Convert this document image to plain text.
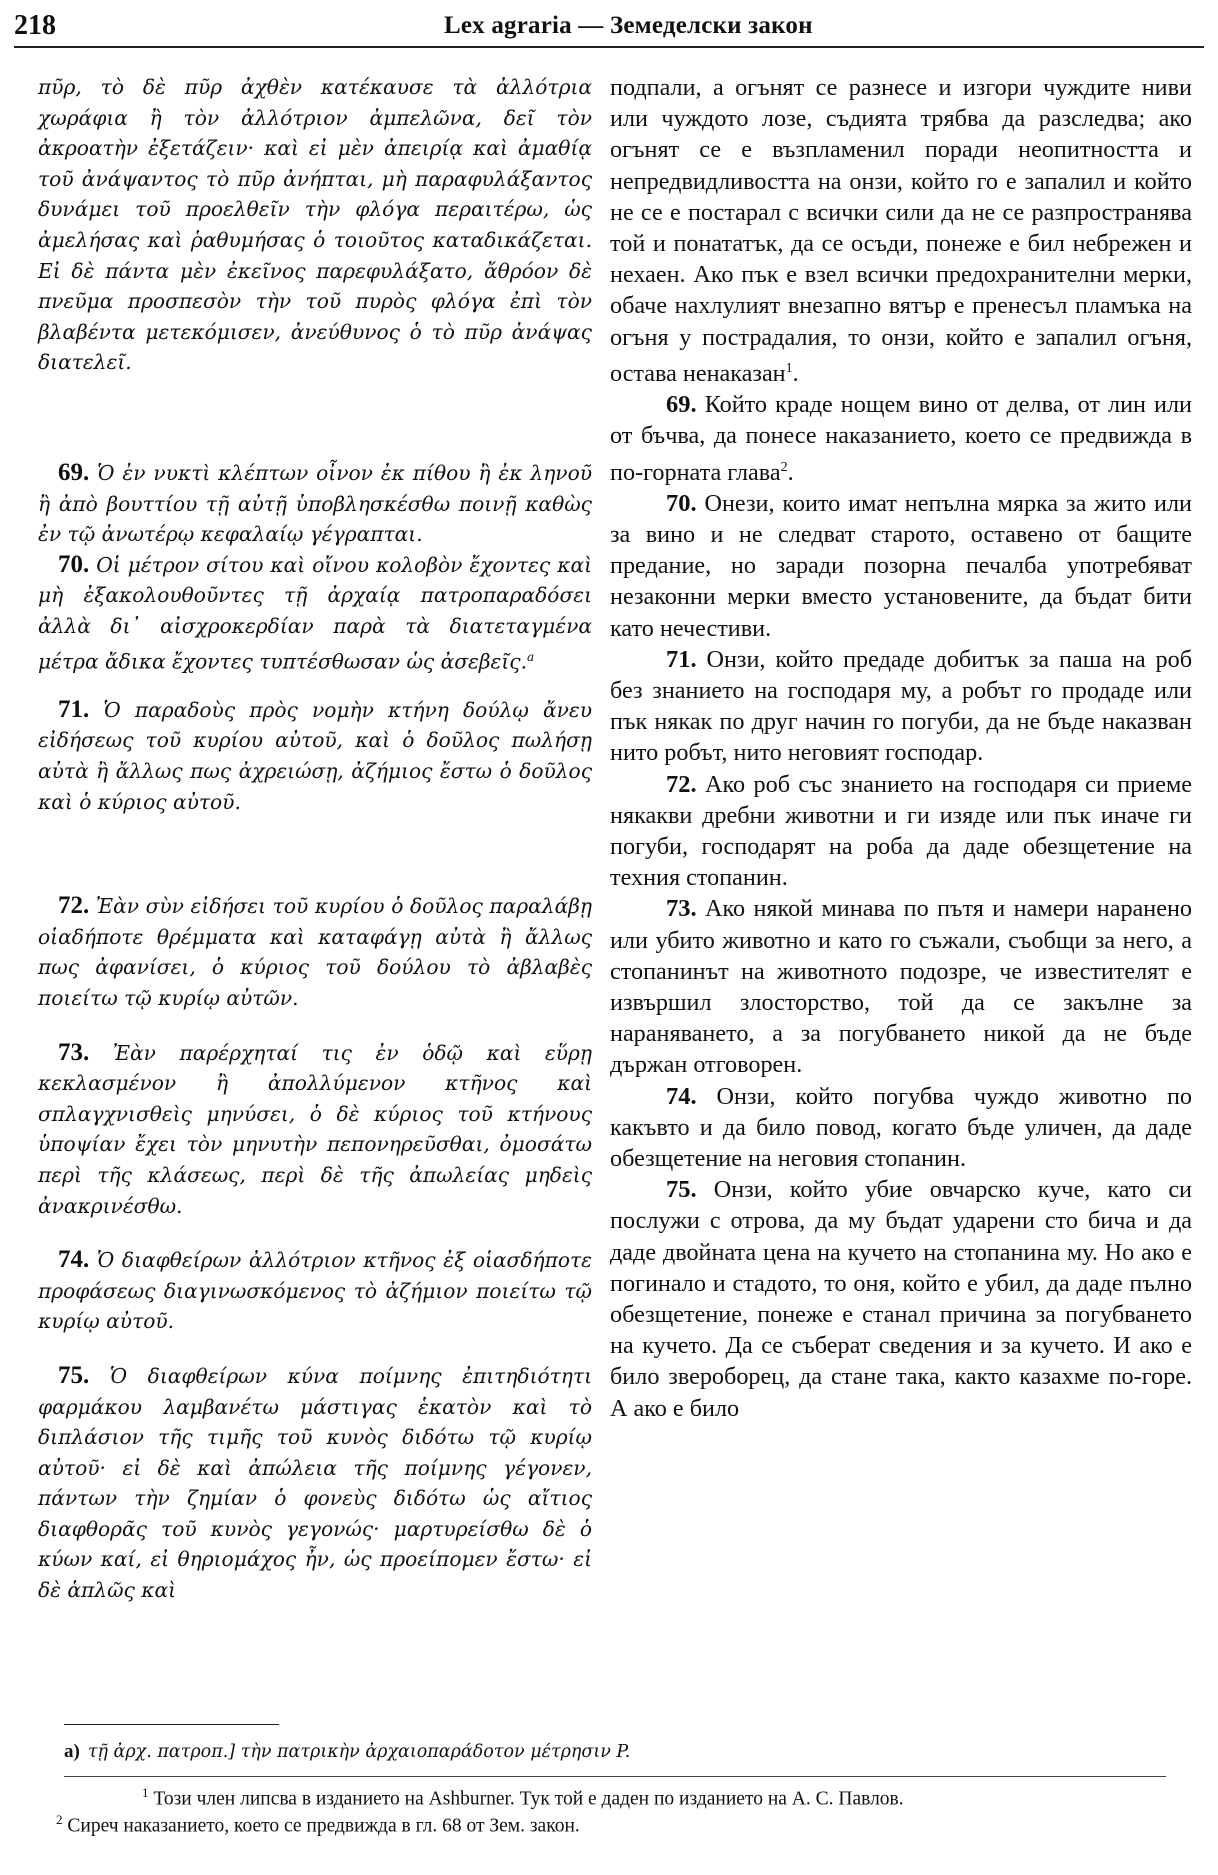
218	Lex agraria — Земеделски закон

πῦρ, τὸ δὲ πῦρ ἀχθὲν κατέκαυσε τὰ ἀλλότρια χωράφια ἢ τὸν ἀλλότριον ἀμπελῶνα, δεῖ τὸν ἀκροατὴν ἐξετάζειν· καὶ εἰ μὲν ἀπειρίᾳ καὶ ἀμαθίᾳ τοῦ ἀνάψαντος τὸ πῦρ ἀνήπται, μὴ παραφυλάξαντος δυνάμει τοῦ προελθεῖν τὴν φλόγα περαιτέρω, ὡς ἀμελήσας καὶ ῥαθυμήσας ὁ τοιοῦτος καταδικάζεται. Εἰ δὲ πάντα μὲν ἐκεῖνος παρεφυλάξατο, ἄθρόον δὲ πνεῦμα προσπεσὸν τὴν τοῦ πυρὸς φλόγα ἐπὶ τὸν βλαβέντα μετεκόμισεν, ἀνεύθυνος ὁ τὸ πῦρ ἀνάψας διατελεῖ.

69. Ὁ ἐν νυκτὶ κλέπτων οἶνον ἐκ πίθου ἢ ἐκ ληνοῦ ἢ ἀπὸ βουττίου τῇ αὐτῇ ὑποβλησκέσθω ποινῇ καθὼς ἐν τῷ ἀνωτέρῳ κεφαλαίῳ γέγραπται.

70. Οἱ μέτρον σίτου καὶ οἴνου κολοβὸν ἔχοντες καὶ μὴ ἐξακολουθοῦντες τῇ ἀρχαίᾳ πατροπαραδόσει ἀλλὰ δι᾽ αἰσχροκερδίαν παρὰ τὰ διατεταγμένα μέτρα ἄδικα ἔχοντες τυπτέσθωσαν ὡς ἀσεβεῖς.$^a$

71. Ὁ παραδοὺς πρὸς νομὴν κτήνη δούλῳ ἄνευ εἰδήσεως τοῦ κυρίου αὐτοῦ, καὶ ὁ δοῦλος πωλήσῃ αὐτὰ ἢ ἄλλως πως ἀχρειώσῃ, ἀζήμιος ἔστω ὁ δοῦλος καὶ ὁ κύριος αὐτοῦ.

72. Ἐὰν σὺν εἰδήσει τοῦ κυρίου ὁ δοῦλος παραλάβῃ οἱαδήποτε θρέμματα καὶ καταφάγῃ αὐτὰ ἢ ἄλλως πως ἀφανίσει, ὁ κύριος τοῦ δούλου τὸ ἀβλαβὲς ποιείτω τῷ κυρίῳ αὐτῶν.

73. Ἐὰν παρέρχηταί τις ἐν ὁδῷ καὶ εὕρῃ κεκλασμένον ἢ ἀπολλύμενον κτῆνος καὶ σπλαγχνισθεὶς μηνύσει, ὁ δὲ κύριος τοῦ κτήνους ὑποψίαν ἔχει τὸν μηνυτὴν πεπονηρεῦσθαι, ὀμοσάτω περὶ τῆς κλάσεως, περὶ δὲ τῆς ἀπωλείας μηδεὶς ἀνακρινέσθω.

74. Ὁ διαφθείρων ἀλλότριον κτῆνος ἐξ οἱασδήποτε προφάσεως διαγινωσκόμενος τὸ ἀζήμιον ποιείτω τῷ κυρίῳ αὐτοῦ.

75. Ὁ διαφθείρων κύνα ποίμνης ἐπιτηδιότητι φαρμάκου λαμβανέτω μάστιγας ἑκατὸν καὶ τὸ διπλάσιον τῆς τιμῆς τοῦ κυνὸς διδότω τῷ κυρίῳ αὐτοῦ· εἰ δὲ καὶ ἀπώλεια τῆς ποίμνης γέγονεν, πάντων τὴν ζημίαν ὁ φονεὺς διδότω ὡς αἴτιος διαφθορᾶς τοῦ κυνὸς γεγονώς· μαρτυρείσθω δὲ ὁ κύων καί, εἰ θηριομάχος ἦν, ὡς προείπομεν ἔστω· εἰ δὲ ἁπλῶς καὶ

подпали, а огънят се разнесе и изгори чуждите ниви или чуждото лозе, съдията трябва да разследва; ако огънят се е възпламенил поради неопитността и непредвидливостта на онзи, който го е запалил и който не се е постарал с всички сили да не се разпространява той и понататък, да се осъди, понеже е бил небрежен и нехаен. Ако пък е взел всички предохранителни мерки, обаче нахлулият внезапно вятър е пренесъл пламъка на огъня у пострадалия, то онзи, който е запалил огъня, остава ненаказан$^1$.

69. Който краде нощем вино от делва, от лин или от бъчва, да понесе наказанието, което се предвижда в по-горната глава$^2$.

70. Онези, които имат непълна мярка за жито или за вино и не следват старото, оставено от бащите предание, но заради позорна печалба употребяват незаконни мерки вместо установените, да бъдат бити като нечестиви.

71. Онзи, който предаде добитък за паша на роб без знанието на господаря му, а робът го продаде или пък някак по друг начин го погуби, да не бъде наказван нито робът, нито неговият господар.

72. Ако роб със знанието на господаря си приеме някакви дребни животни и ги изяде или пък иначе ги погуби, господарят на роба да даде обезщетение на техния стопанин.

73. Ако някой минава по пътя и намери наранено или убито животно и като го съжали, съобщи за него, а стопанинът на животното подозре, че известителят е извършил злосторство, той да се закълне за нараняването, а за погубването никой да не бъде държан отговорен.

74. Онзи, който погубва чуждо животно по какъвто и да било повод, когато бъде уличен, да даде обезщетение на неговия стопанин.

75. Онзи, който убие овчарско куче, като си послужи с отрова, да му бъдат ударени сто бича и да даде двойната цена на кучето на стопанина му. Но ако е погинало и стадото, то оня, който е убил, да даде пълно обезщетение, понеже е станал причина за погубването на кучето. Да се съберат сведения и за кучето. И ако е било звероборец, да стане така, както казахме по-горе. А ако е било

а) τῇ ἀρχ. πατροπ.] τὴν πατρικὴν ἀρχαιοπαράδοτον μέτρησιν P.
$^1$ Този член липсва в изданието на Ashburner. Тук той е даден по изданието на А. С. Павлов.
$^2$ Сиреч наказанието, което се предвижда в гл. 68 от Зем. закон.
